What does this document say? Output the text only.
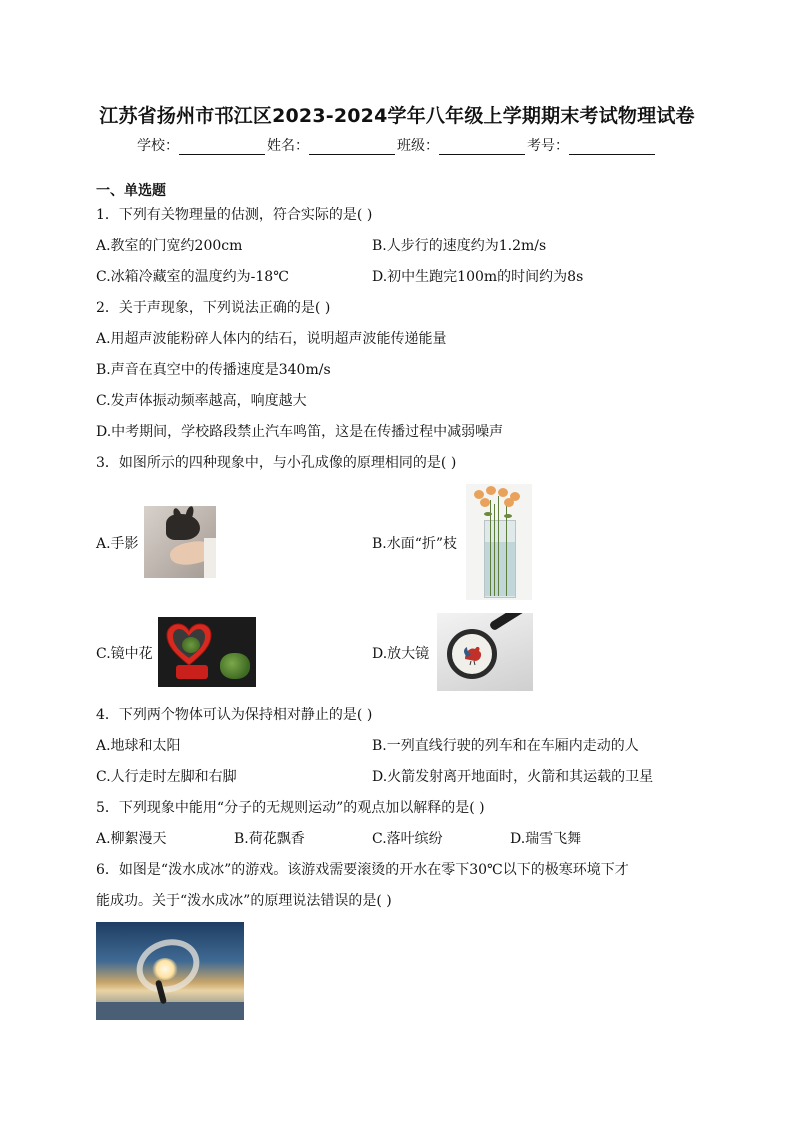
江苏省扬州市邗江区2023-2024学年八年级上学期期末考试物理试卷
学校：	姓名：	班级：	考号：
一、单选题
1．下列有关物理量的估测，符合实际的是( )
A.教室的门宽约200cm	B.人步行的速度约为1.2m/s
C.冰箱冷藏室的温度约为-18℃	D.初中生跑完100m的时间约为8s
2．关于声现象，下列说法正确的是( )
A.用超声波能粉碎人体内的结石，说明超声波能传递能量
B.声音在真空中的传播速度是340m/s
C.发声体振动频率越高，响度越大
D.中考期间，学校路段禁止汽车鸣笛，这是在传播过程中减弱噪声
3．如图所示的四种现象中，与小孔成像的原理相同的是( )
A.手影	B.水面“折”枝
C.镜中花	D.放大镜
4．下列两个物体可认为保持相对静止的是( )
A.地球和太阳	B.一列直线行驶的列车和在车厢内走动的人
C.人行走时左脚和右脚	D.火箭发射离开地面时，火箭和其运载的卫星
5．下列现象中能用“分子的无规则运动”的观点加以解释的是( )
A.柳絮漫天	B.荷花飘香	C.落叶缤纷	D.瑞雪飞舞
6．如图是“泼水成冰”的游戏。该游戏需要滚烫的开水在零下30℃以下的极寒环境下才
能成功。关于“泼水成冰”的原理说法错误的是( )
